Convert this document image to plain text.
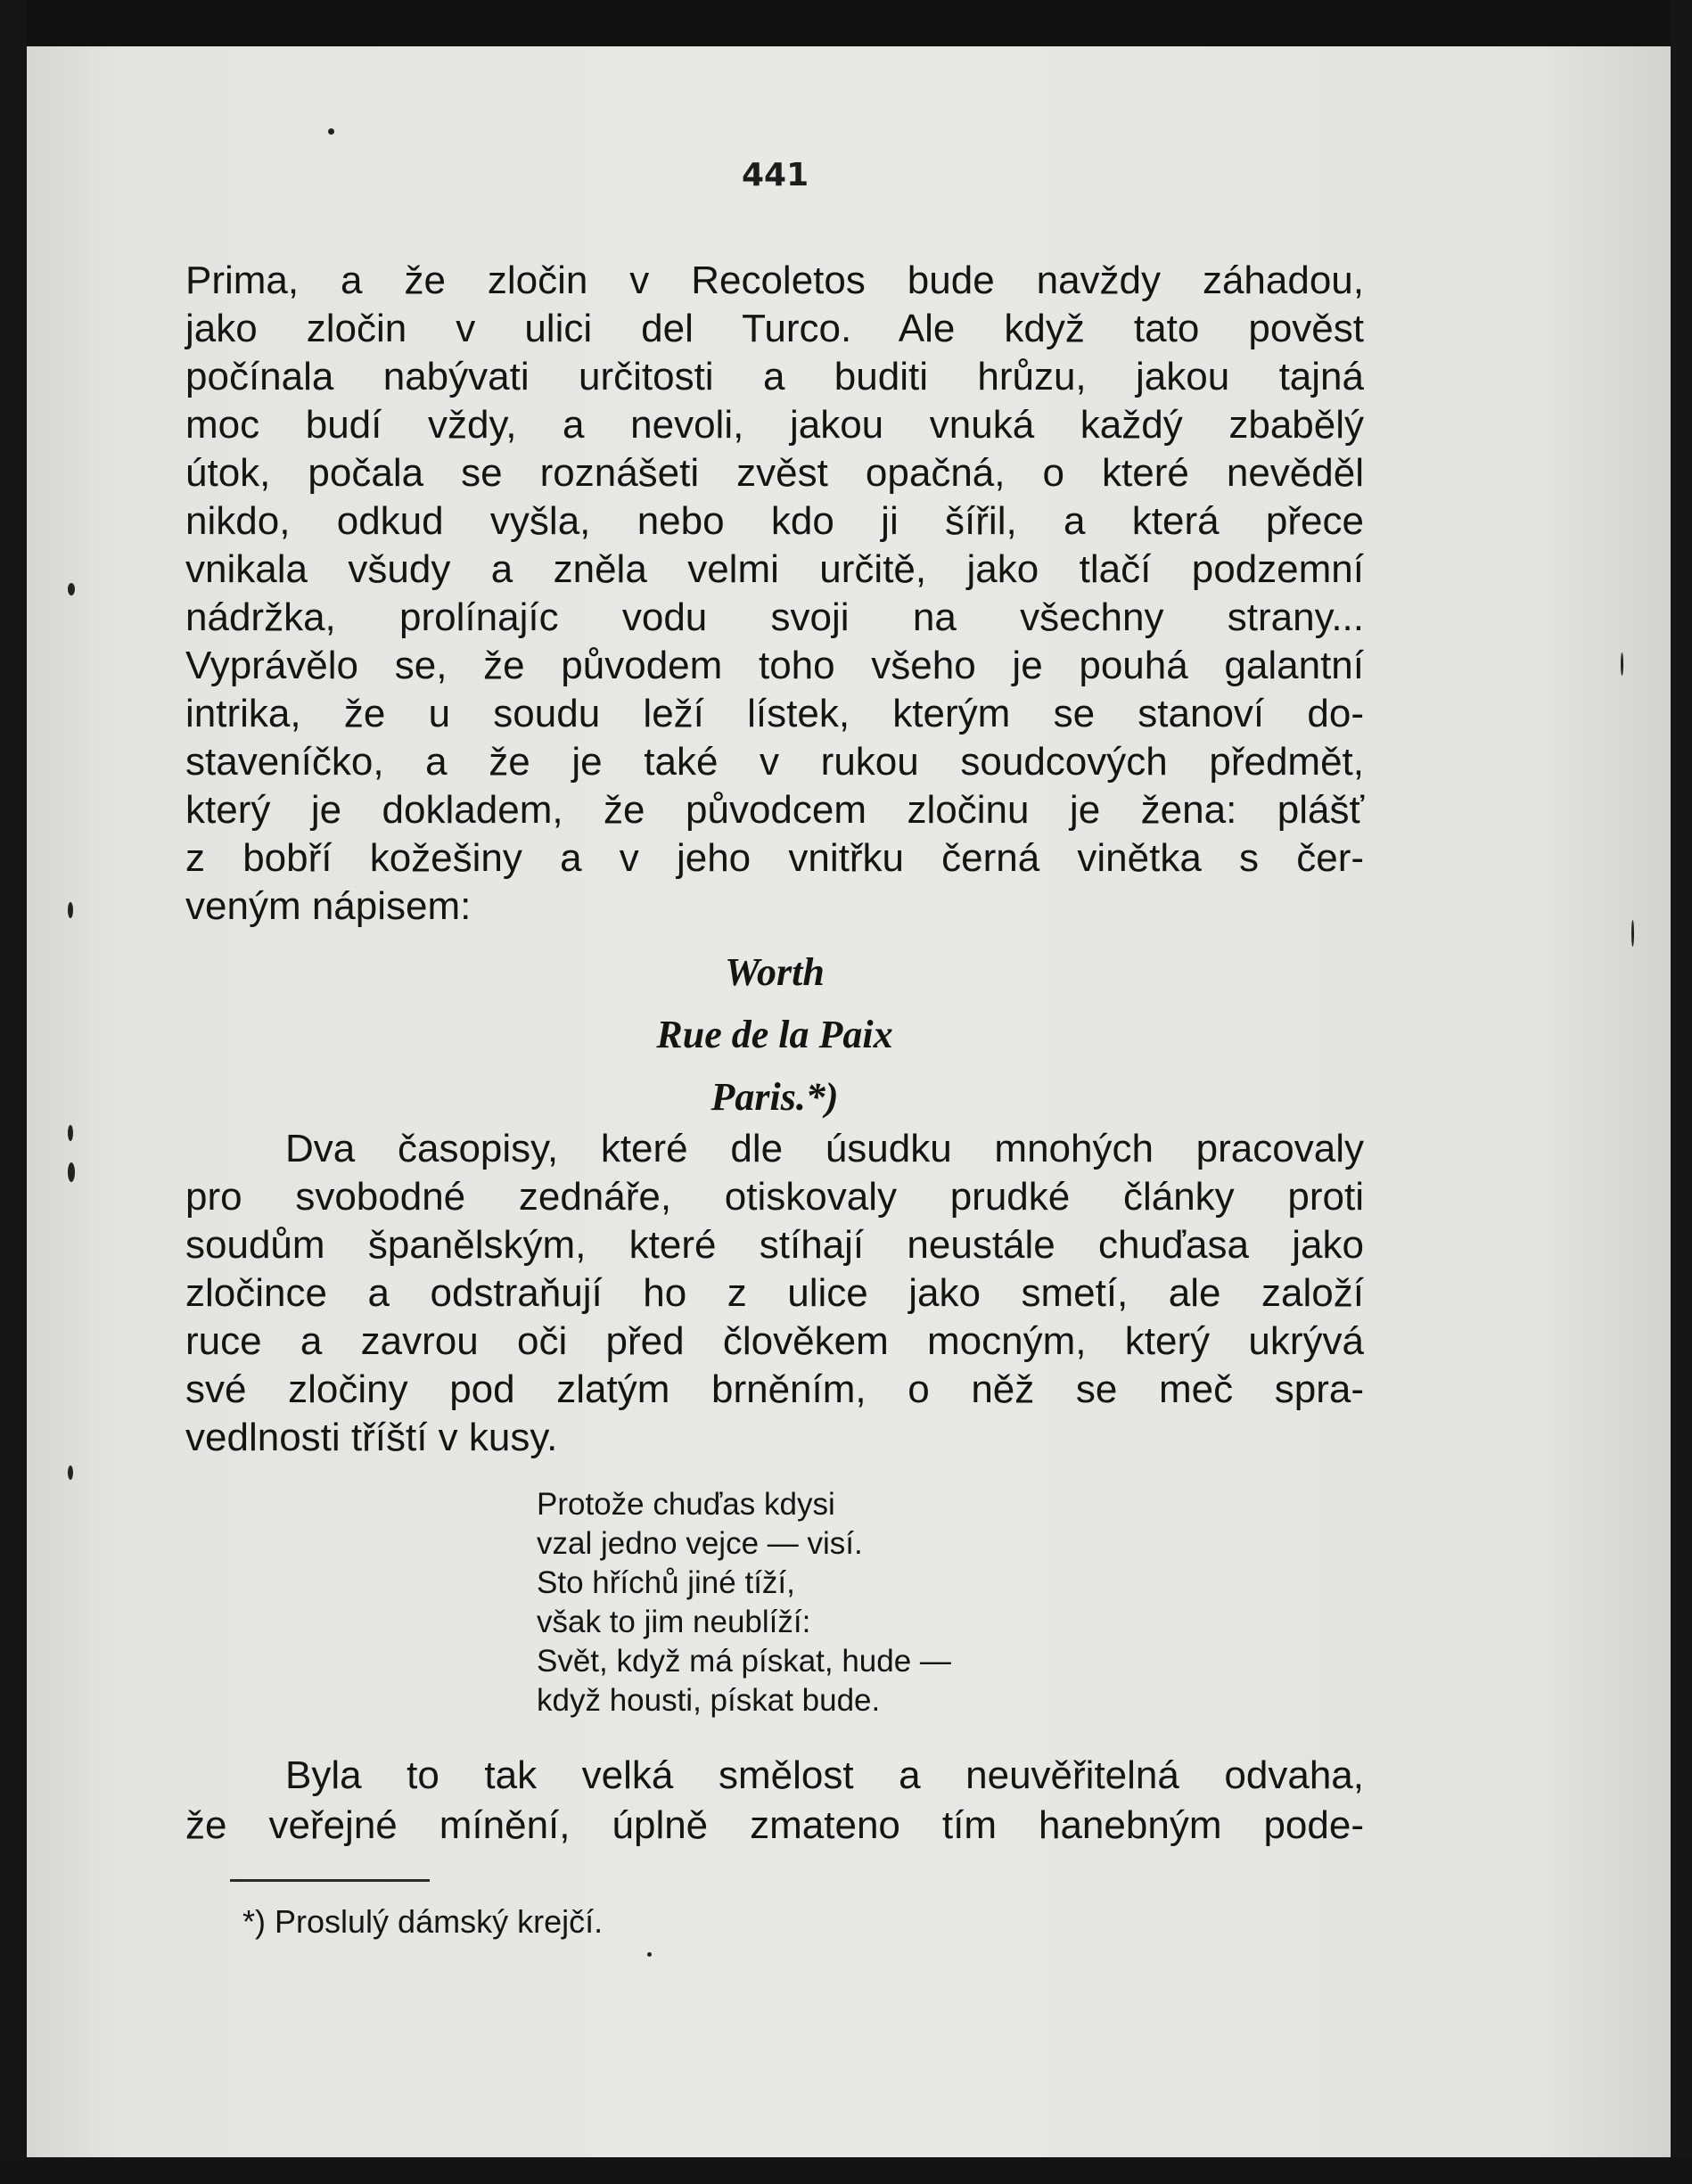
441
Prima, a že zločin v Recoletos bude navždy záhadou,
jako zločin v ulici del Turco. Ale když tato pověst
počínala nabývati určitosti a buditi hrůzu, jakou tajná
moc budí vždy, a nevoli, jakou vnuká každý zbabělý
útok, počala se roznášeti zvěst opačná, o které nevěděl
nikdo, odkud vyšla, nebo kdo ji šířil, a která přece
vnikala všudy a zněla velmi určitě, jako tlačí podzemní
nádržka, prolínajíc vodu svoji na všechny strany...
Vyprávělo se, že původem toho všeho je pouhá galantní
intrika, že u soudu leží lístek, kterým se stanoví do-
staveníčko, a že je také v rukou soudcových předmět,
který je dokladem, že původcem zločinu je žena: plášť
z bobří kožešiny a v jeho vnitřku černá vinětka s čer-
veným nápisem:
Worth
Rue de la Paix
Paris.*)
Dva časopisy, které dle úsudku mnohých pracovaly
pro svobodné zednáře, otiskovaly prudké články proti
soudům španělským, které stíhají neustále chuďasa jako
zločince a odstraňují ho z ulice jako smetí, ale založí
ruce a zavrou oči před člověkem mocným, který ukrývá
své zločiny pod zlatým brněním, o něž se meč spra-
vedlnosti tříští v kusy.
Protože chuďas kdysi
vzal jedno vejce — visí.
Sto hříchů jiné tíží,
však to jim neublíží:
Svět, když má pískat, hude —
když housti, pískat bude.
Byla to tak velká smělost a neuvěřitelná odvaha,
že veřejné mínění, úplně zmateno tím hanebným pode-
*) Proslulý dámský krejčí.
